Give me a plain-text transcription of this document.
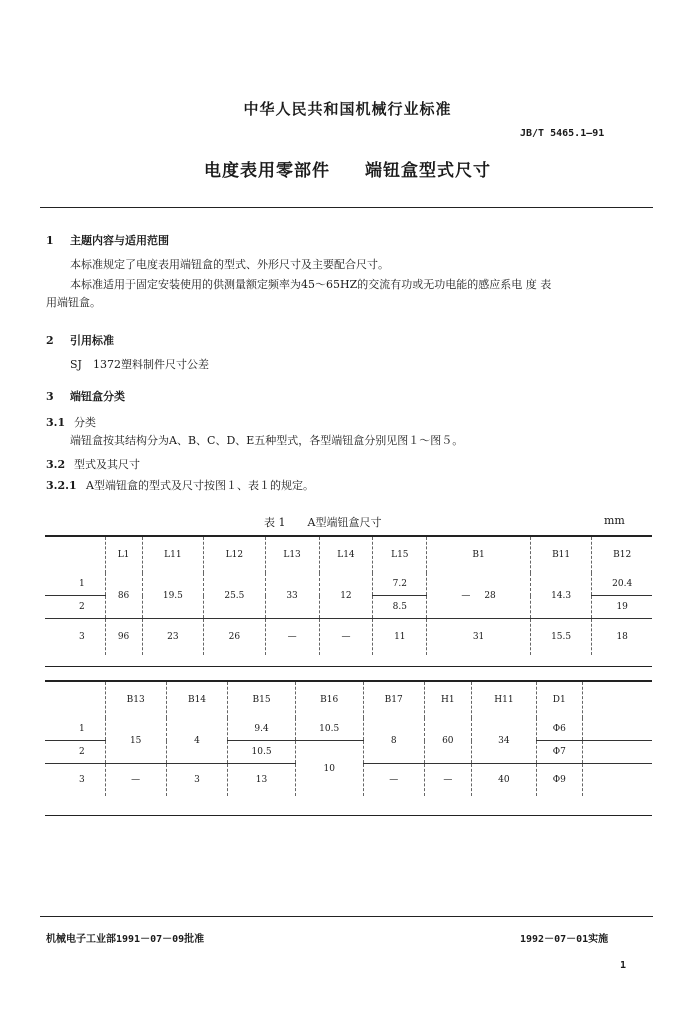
中华人民共和国机械行业标准
JB/T 5465.1—91
电度表用零部件 端钮盒型式尺寸
1 主题内容与适用范围
本标准规定了电度表用端钮盒的型式、外形尺寸及主要配合尺寸。
本标准适用于固定安装使用的供测量额定频率为45～65HZ的交流有功或无功电能的感应系电 度 表
用端钮盒。
2 引用标准
SJ　1372塑料制件尺寸公差
3 端钮盒分类
3.1 分类
端钮盒按其结构分为A、B、C、D、E五种型式，各型端钮盒分别见图１～图５。
3.2 型式及其尺寸
3.2.1 A型端钮盒的型式及尺寸按图１、表１的规定。
表 1　　 A型端钮盒尺寸	mm
	L1	L11	L12	L13	L14	L15	B1	B11	B12
1	86	19.5	25.5	33	12	7.2	— 28	14.3	20.4
2						8.5			19
3	96	23	26	—	—	11	31	15.5	18
	B13	B14	B15	B16	B17	H1	H11	D1	
1	15	4	9.4	10.5	8	60	34	Φ6	
2			10.5	10				Φ7	
3	—	3	13		—	—	40	Φ9	
机械电子工业部1991－07－09批准	1992－07－01实施
1
